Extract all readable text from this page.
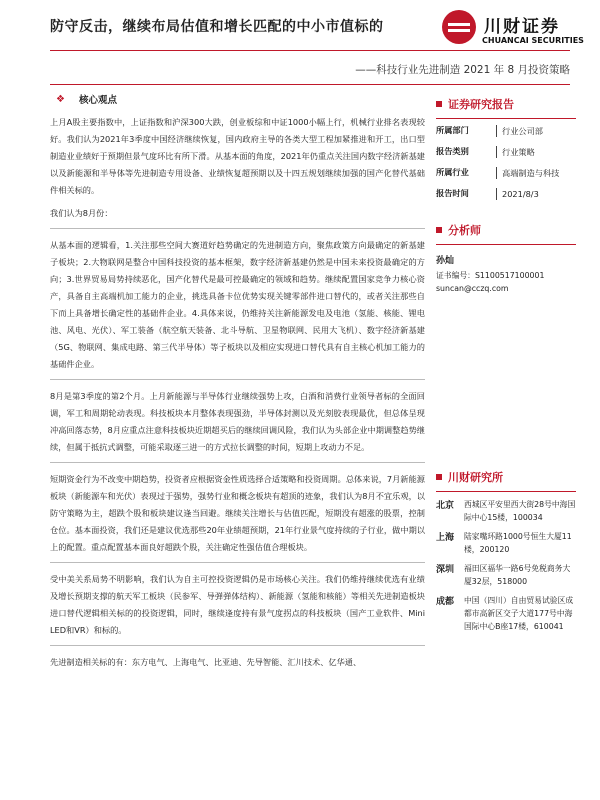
防守反击，继续布局估值和增长匹配的中小市值标的	川财证券
CHUANCAI SECURITIES
——科技行业先进制造 2021 年 8 月投资策略
❖ 核心观点
上月A股主要指数中，上证指数和沪深300大跌，创业板综和中证1000小幅上行，机械行业排名表现较好。我们认为2021年3季度中国经济继续恢复，国内政府主导的各类大型工程加紧推进和开工，出口型制造业业绩好于预期但景气度环比有所下滑。从基本面的角度，2021年仍重点关注国内数字经济新基建以及新能源和半导体等先进制造专用设备、业绩恢复超预期以及十四五规划继续加强的国产化替代基础件相关标的。
我们认为8月份：
从基本面的逻辑看，1.关注那些空间大赛道好趋势确定的先进制造方向，聚焦政策方向最确定的新基建子板块；2.大物联网是整合中国科技投资的基本框架，数字经济新基建仍然是中国未来投资最确定的方向；3.世界贸易局势持续恶化，国产化替代是最可控最确定的领域和趋势。继续配置国家竞争力核心资产，具备自主高端机加工能力的企业，挑选具备卡位优势实现关键零部件进口替代的，或者关注那些自下而上具备增长确定性的基础件企业。4.具体来说，仍维持关注新能源发电及电池（氢能、核能、锂电池、风电、光伏）、军工装备（航空航天装备、北斗导航、卫星物联网、民用大飞机）、数字经济新基建（5G、物联网、集成电路、第三代半导体）等子板块以及相应实现进口替代具有自主核心机加工能力的基础件企业。
8月是第3季度的第2个月。上月新能源与半导体行业继续强势上攻，白酒和消费行业领导者标的全面回调，军工和周期轮动表现。科技板块本月整体表现强劲，半导体封测以及光刻胶表现最优，但总体呈现冲高回落态势，8月应重点注意科技板块近期超买后的继续回调风险，我们认为头部企业中期调整趋势继续，但属于抵抗式调整，可能采取逐三进一的方式拉长调整的时间，短期上攻动力不足。
短期资金行为不改变中期趋势，投资者应根据资金性质选择合适策略和投资周期。总体来说，7月新能源板块（新能源车和光伏）表现过于强势，强势行业和概念板块有超顶的迹象，我们认为8月不宜乐观，以防守策略为主，超跌个股和板块建议逢当回避。继续关注增长与估值匹配，短期没有超涨的股票，控制仓位。基本面投资，我们还是建议优选那些20年业绩超预期，21年行业景气度持续的子行业，做中期以上的配置。重点配置基本面良好超跌个股，关注确定性强估值合理板块。
受中美关系局势不明影响，我们认为自主可控投资逻辑仍是市场核心关注。我们仍维持继续优选有业绩及增长预期支撑的航天军工板块（民参军、导弹弹体结构）、新能源（氢能和核能）等相关先进制造板块进口替代逻辑相关标的的投资逻辑，同时，继续逢度持有景气度拐点的科技板块（国产工业软件、Mini LED和VR）和标的。
先进制造相关标的有：东方电气、上海电气、比亚迪、先导智能、汇川技术、亿华通、
证券研究报告
所属部门	行业公司部
报告类别	行业策略
所属行业	高端制造与科技
报告时间	2021/8/3
分析师
孙灿
证书编号：S1100517100001
suncan@cczq.com
川财研究所
北京	西城区平安里西大街28号中海国际中心15楼，100034
上海	陆家嘴环路1000号恒生大厦11楼，200120
深圳	福田区福华一路6号免税商务大厦32层，518000
成都	中国（四川）自由贸易试验区成都市高新区交子大道177号中海国际中心B座17楼，610041
